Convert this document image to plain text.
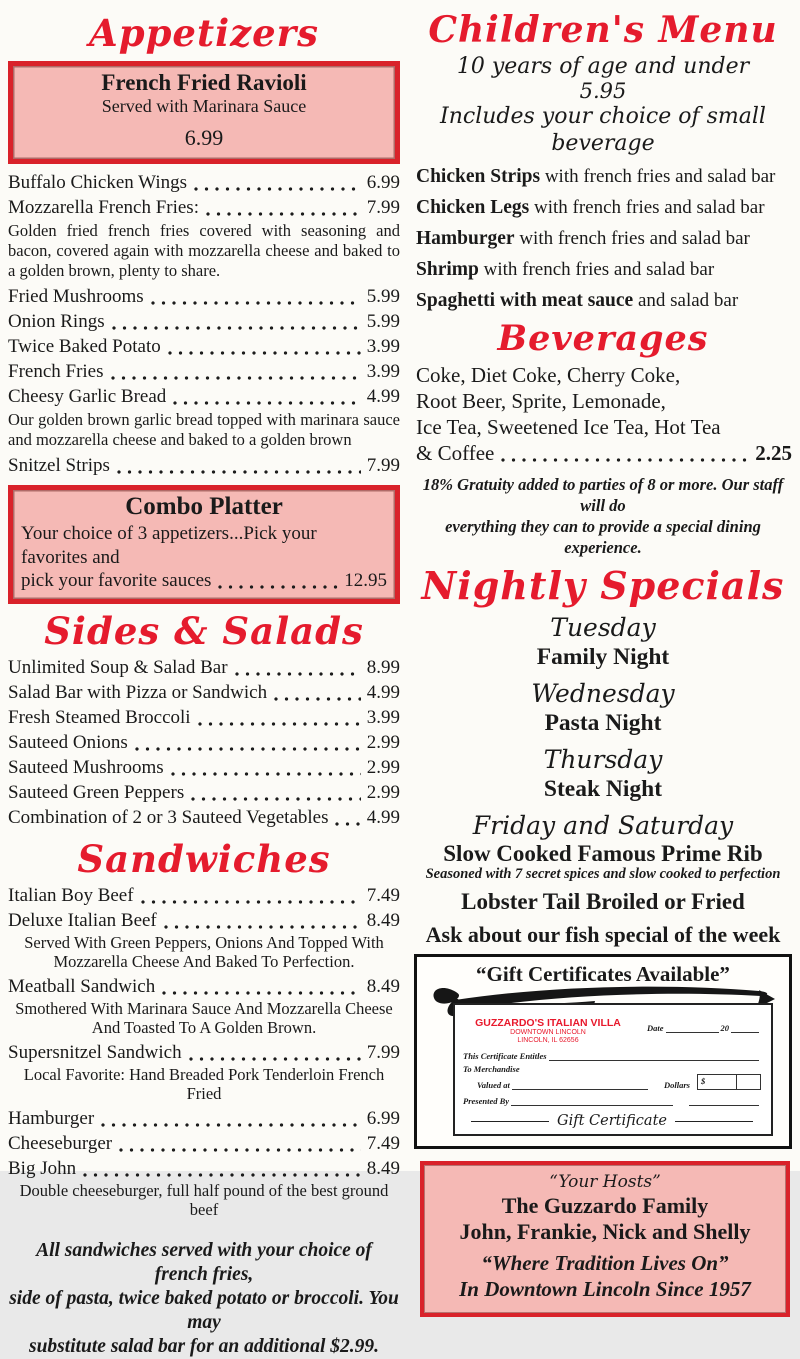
Appetizers
French Fried Ravioli
Served with Marinara Sauce
6.99
Buffalo Chicken Wings	6.99
Mozzarella French Fries:	7.99
Golden fried french fries covered with seasoning and bacon, covered again with mozzarella cheese and baked to a golden brown, plenty to share.
Fried Mushrooms	5.99
Onion Rings	5.99
Twice Baked Potato	3.99
French Fries	3.99
Cheesy Garlic Bread	4.99
Our golden brown garlic bread topped with marinara sauce and mozzarella cheese and baked to a golden brown
Snitzel Strips	7.99
Combo Platter
Your choice of 3 appetizers...Pick your favorites and
pick your favorite sauces	12.95
Sides & Salads
Unlimited Soup & Salad Bar	8.99
Salad Bar with Pizza or Sandwich	4.99
Fresh Steamed Broccoli	3.99
Sauteed Onions	2.99
Sauteed Mushrooms	2.99
Sauteed Green Peppers	2.99
Combination of 2 or 3 Sauteed Vegetables 4.99
Sandwiches
Italian Boy Beef	7.49
Deluxe Italian Beef	8.49
Served With Green Peppers, Onions And Topped With Mozzarella Cheese And Baked To Perfection.
Meatball Sandwich	8.49
Smothered With Marinara Sauce And Mozzarella Cheese And Toasted To A Golden Brown.
Supersnitzel Sandwich	7.99
Local Favorite: Hand Breaded Pork Tenderloin French Fried
Hamburger	6.99
Cheeseburger	7.49
Big John	8.49
Double cheeseburger, full half pound of the best ground beef
All sandwiches served with your choice of french fries,
side of pasta, twice baked potato or broccoli. You may
substitute salad bar for an additional $2.99.
Children's Menu
10 years of age and under
5.95
Includes your choice of small beverage
Chicken Strips with french fries and salad bar
Chicken Legs with french fries and salad bar
Hamburger with french fries and salad bar
Shrimp with french fries and salad bar
Spaghetti with meat sauce and salad bar
Beverages
Coke, Diet Coke, Cherry Coke,
Root Beer, Sprite, Lemonade,
Ice Tea, Sweetened Ice Tea, Hot Tea
& Coffee	2.25
18% Gratuity added to parties of 8 or more. Our staff will do
everything they can to provide a special dining experience.
Nightly Specials
Tuesday
Family Night
Wednesday
Pasta Night
Thursday
Steak Night
Friday and Saturday
Slow Cooked Famous Prime Rib
Seasoned with 7 secret spices and slow cooked to perfection
Lobster Tail Broiled or Fried
Ask about our fish special of the week
“Gift Certificates Available”
GUZZARDO'S ITALIAN VILLA
DOWNTOWN LINCOLN
LINCOLN, IL 62656
Date	20
This Certificate Entitles
To Merchandise
Valued at	Dollars	$
Presented By
Gift Certificate
“Your Hosts”
The Guzzardo Family
John, Frankie, Nick and Shelly
“Where Tradition Lives On”
In Downtown Lincoln Since 1957
